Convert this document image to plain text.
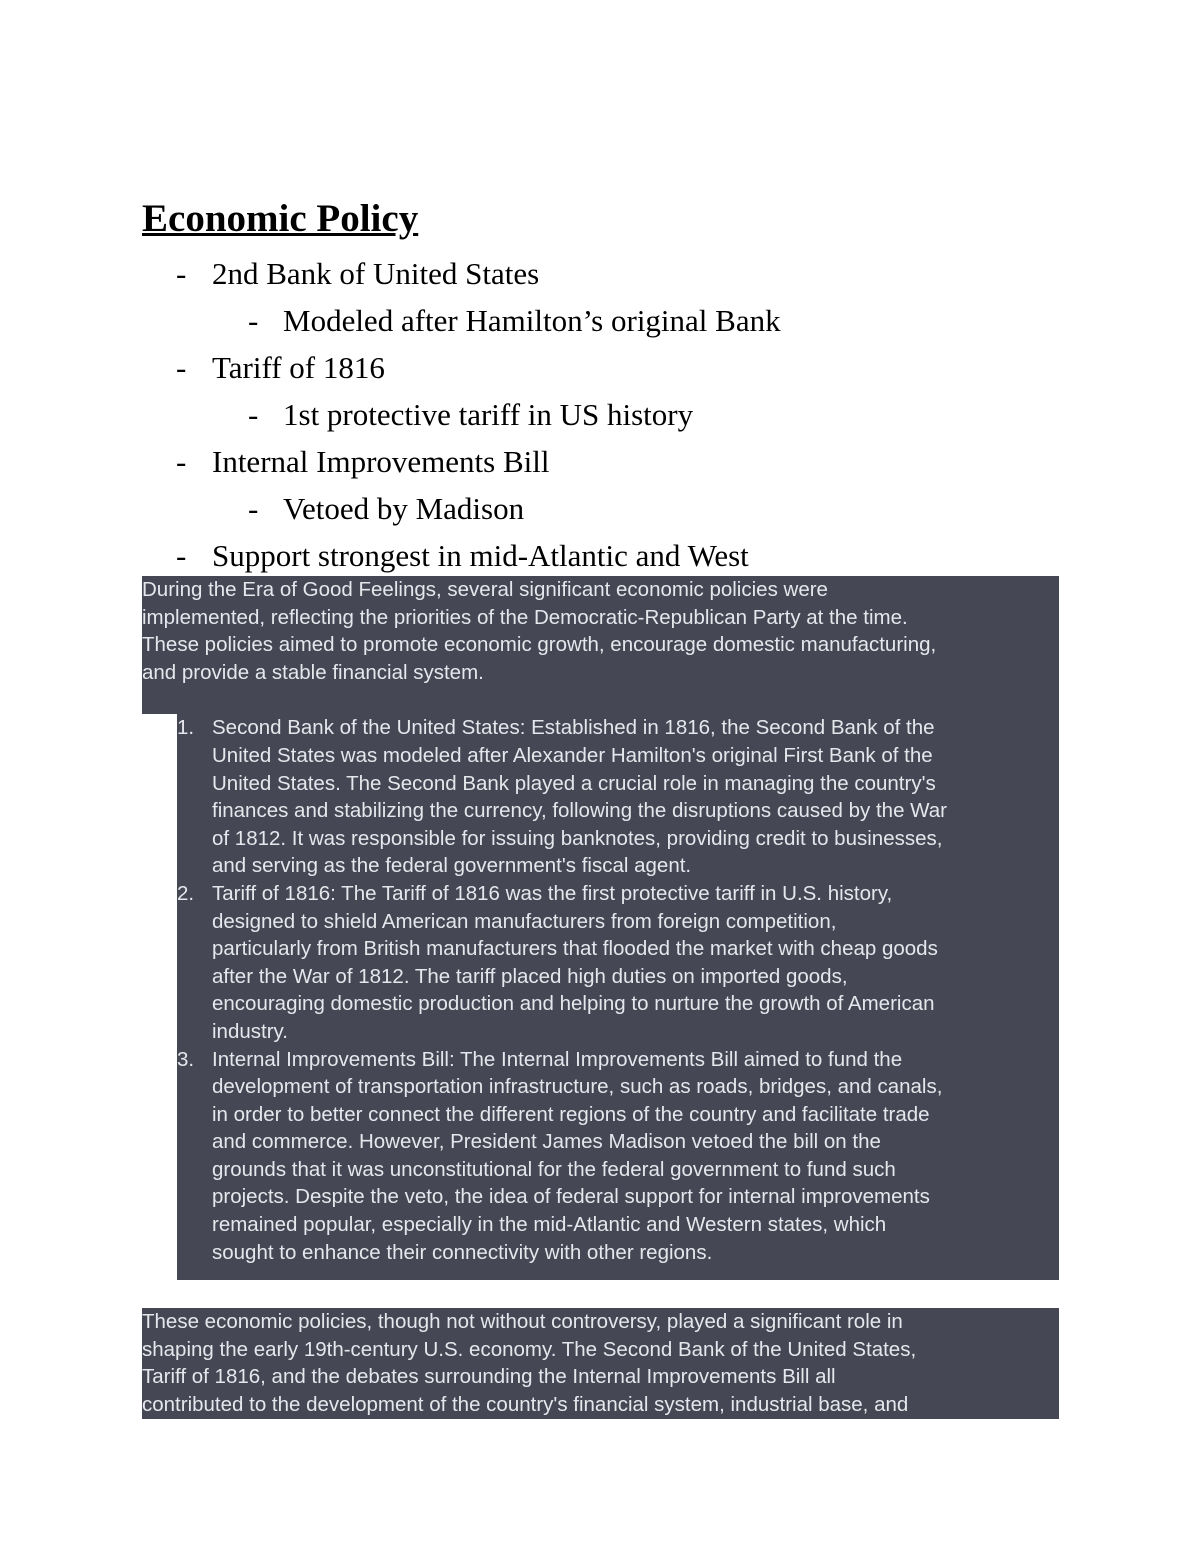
Economic Policy
- 2nd Bank of United States
- Modeled after Hamilton’s original Bank
- Tariff of 1816
- 1st protective tariff in US history
- Internal Improvements Bill
- Vetoed by Madison
- Support strongest in mid-Atlantic and West

During the Era of Good Feelings, several significant economic policies were

implemented, reflecting the priorities of the Democratic-Republican Party at the time.

These policies aimed to promote economic growth, encourage domestic manufacturing,

and provide a stable financial system.

1. Second Bank of the United States: Established in 1816, the Second Bank of the
United States was modeled after Alexander Hamilton's original First Bank of the
United States. The Second Bank played a crucial role in managing the country's
finances and stabilizing the currency, following the disruptions caused by the War
of 1812. It was responsible for issuing banknotes, providing credit to businesses,
and serving as the federal government's fiscal agent.
2. Tariff of 1816: The Tariff of 1816 was the first protective tariff in U.S. history,
designed to shield American manufacturers from foreign competition,
particularly from British manufacturers that flooded the market with cheap goods
after the War of 1812. The tariff placed high duties on imported goods,
encouraging domestic production and helping to nurture the growth of American
industry.
3. Internal Improvements Bill: The Internal Improvements Bill aimed to fund the
development of transportation infrastructure, such as roads, bridges, and canals,
in order to better connect the different regions of the country and facilitate trade
and commerce. However, President James Madison vetoed the bill on the
grounds that it was unconstitutional for the federal government to fund such
projects. Despite the veto, the idea of federal support for internal improvements
remained popular, especially in the mid-Atlantic and Western states, which
sought to enhance their connectivity with other regions.

These economic policies, though not without controversy, played a significant role in

shaping the early 19th-century U.S. economy. The Second Bank of the United States,

Tariff of 1816, and the debates surrounding the Internal Improvements Bill all

contributed to the development of the country's financial system, industrial base, and
